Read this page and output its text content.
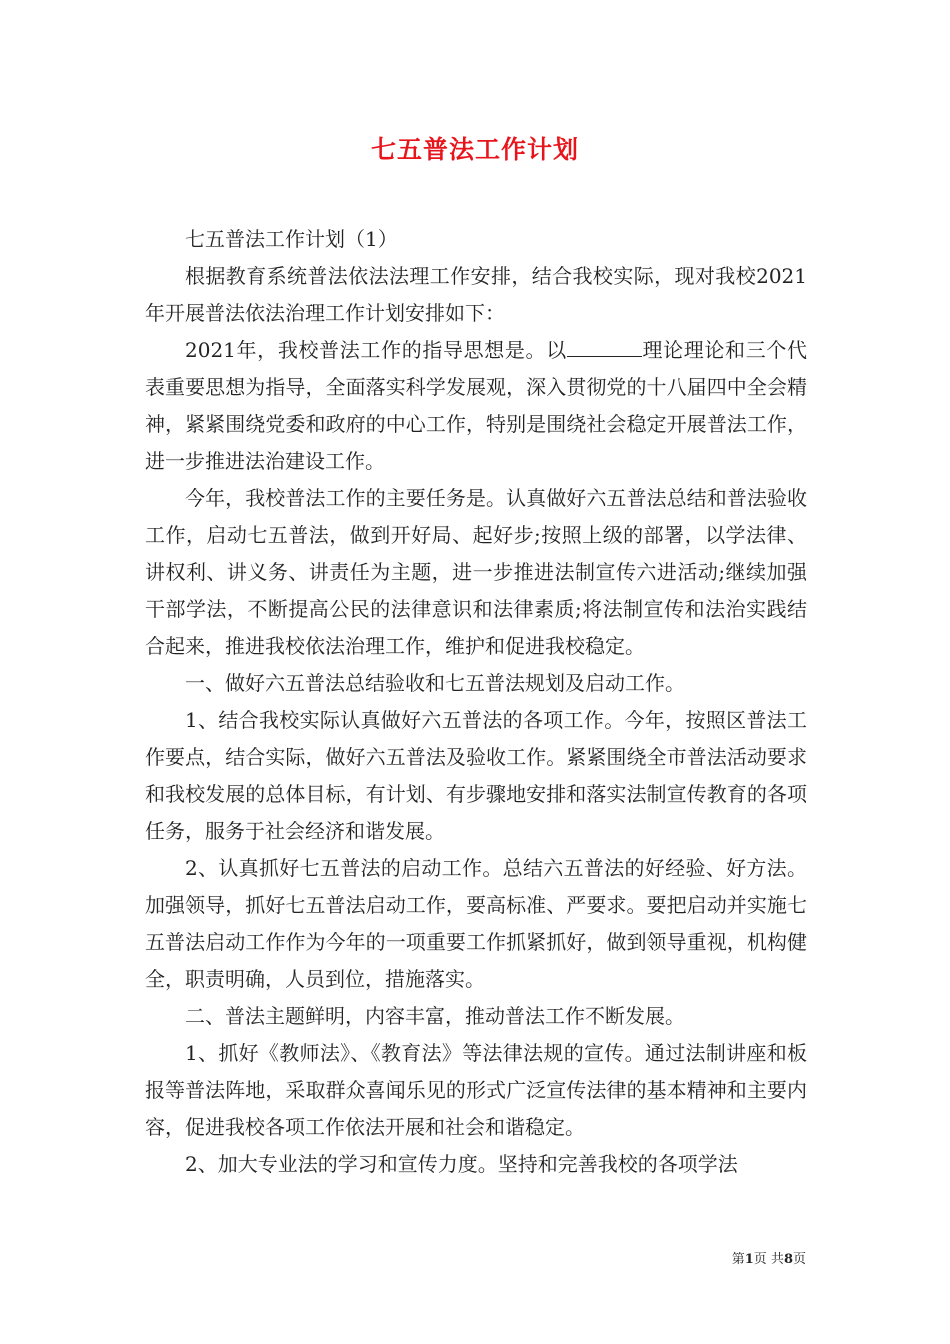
七五普法工作计划

七五普法工作计划（1）

根据教育系统普法依法法理工作安排，结合我校实际，现对我校2021年开展普法依法治理工作计划安排如下：

2021年，我校普法工作的指导思想是。以	理论理论和三个代表重要思想为指导，全面落实科学发展观，深入贯彻党的十八届四中全会精神，紧紧围绕党委和政府的中心工作，特别是围绕社会稳定开展普法工作，进一步推进法治建设工作。

今年，我校普法工作的主要任务是。认真做好六五普法总结和普法验收工作，启动七五普法，做到开好局、起好步;按照上级的部署，以学法律、讲权利、讲义务、讲责任为主题，进一步推进法制宣传六进活动;继续加强干部学法，不断提高公民的法律意识和法律素质;将法制宣传和法治实践结合起来，推进我校依法治理工作，维护和促进我校稳定。

一、做好六五普法总结验收和七五普法规划及启动工作。

1、结合我校实际认真做好六五普法的各项工作。今年，按照区普法工作要点，结合实际，做好六五普法及验收工作。紧紧围绕全市普法活动要求和我校发展的总体目标，有计划、有步骤地安排和落实法制宣传教育的各项任务，服务于社会经济和谐发展。

2、认真抓好七五普法的启动工作。总结六五普法的好经验、好方法。加强领导，抓好七五普法启动工作，要高标准、严要求。要把启动并实施七五普法启动工作作为今年的一项重要工作抓紧抓好，做到领导重视，机构健全，职责明确，人员到位，措施落实。

二、普法主题鲜明，内容丰富，推动普法工作不断发展。

1、抓好《教师法》、《教育法》等法律法规的宣传。通过法制讲座和板报等普法阵地，采取群众喜闻乐见的形式广泛宣传法律的基本精神和主要内容，促进我校各项工作依法开展和社会和谐稳定。

2、加大专业法的学习和宣传力度。坚持和完善我校的各项学法

第1页 共8页
